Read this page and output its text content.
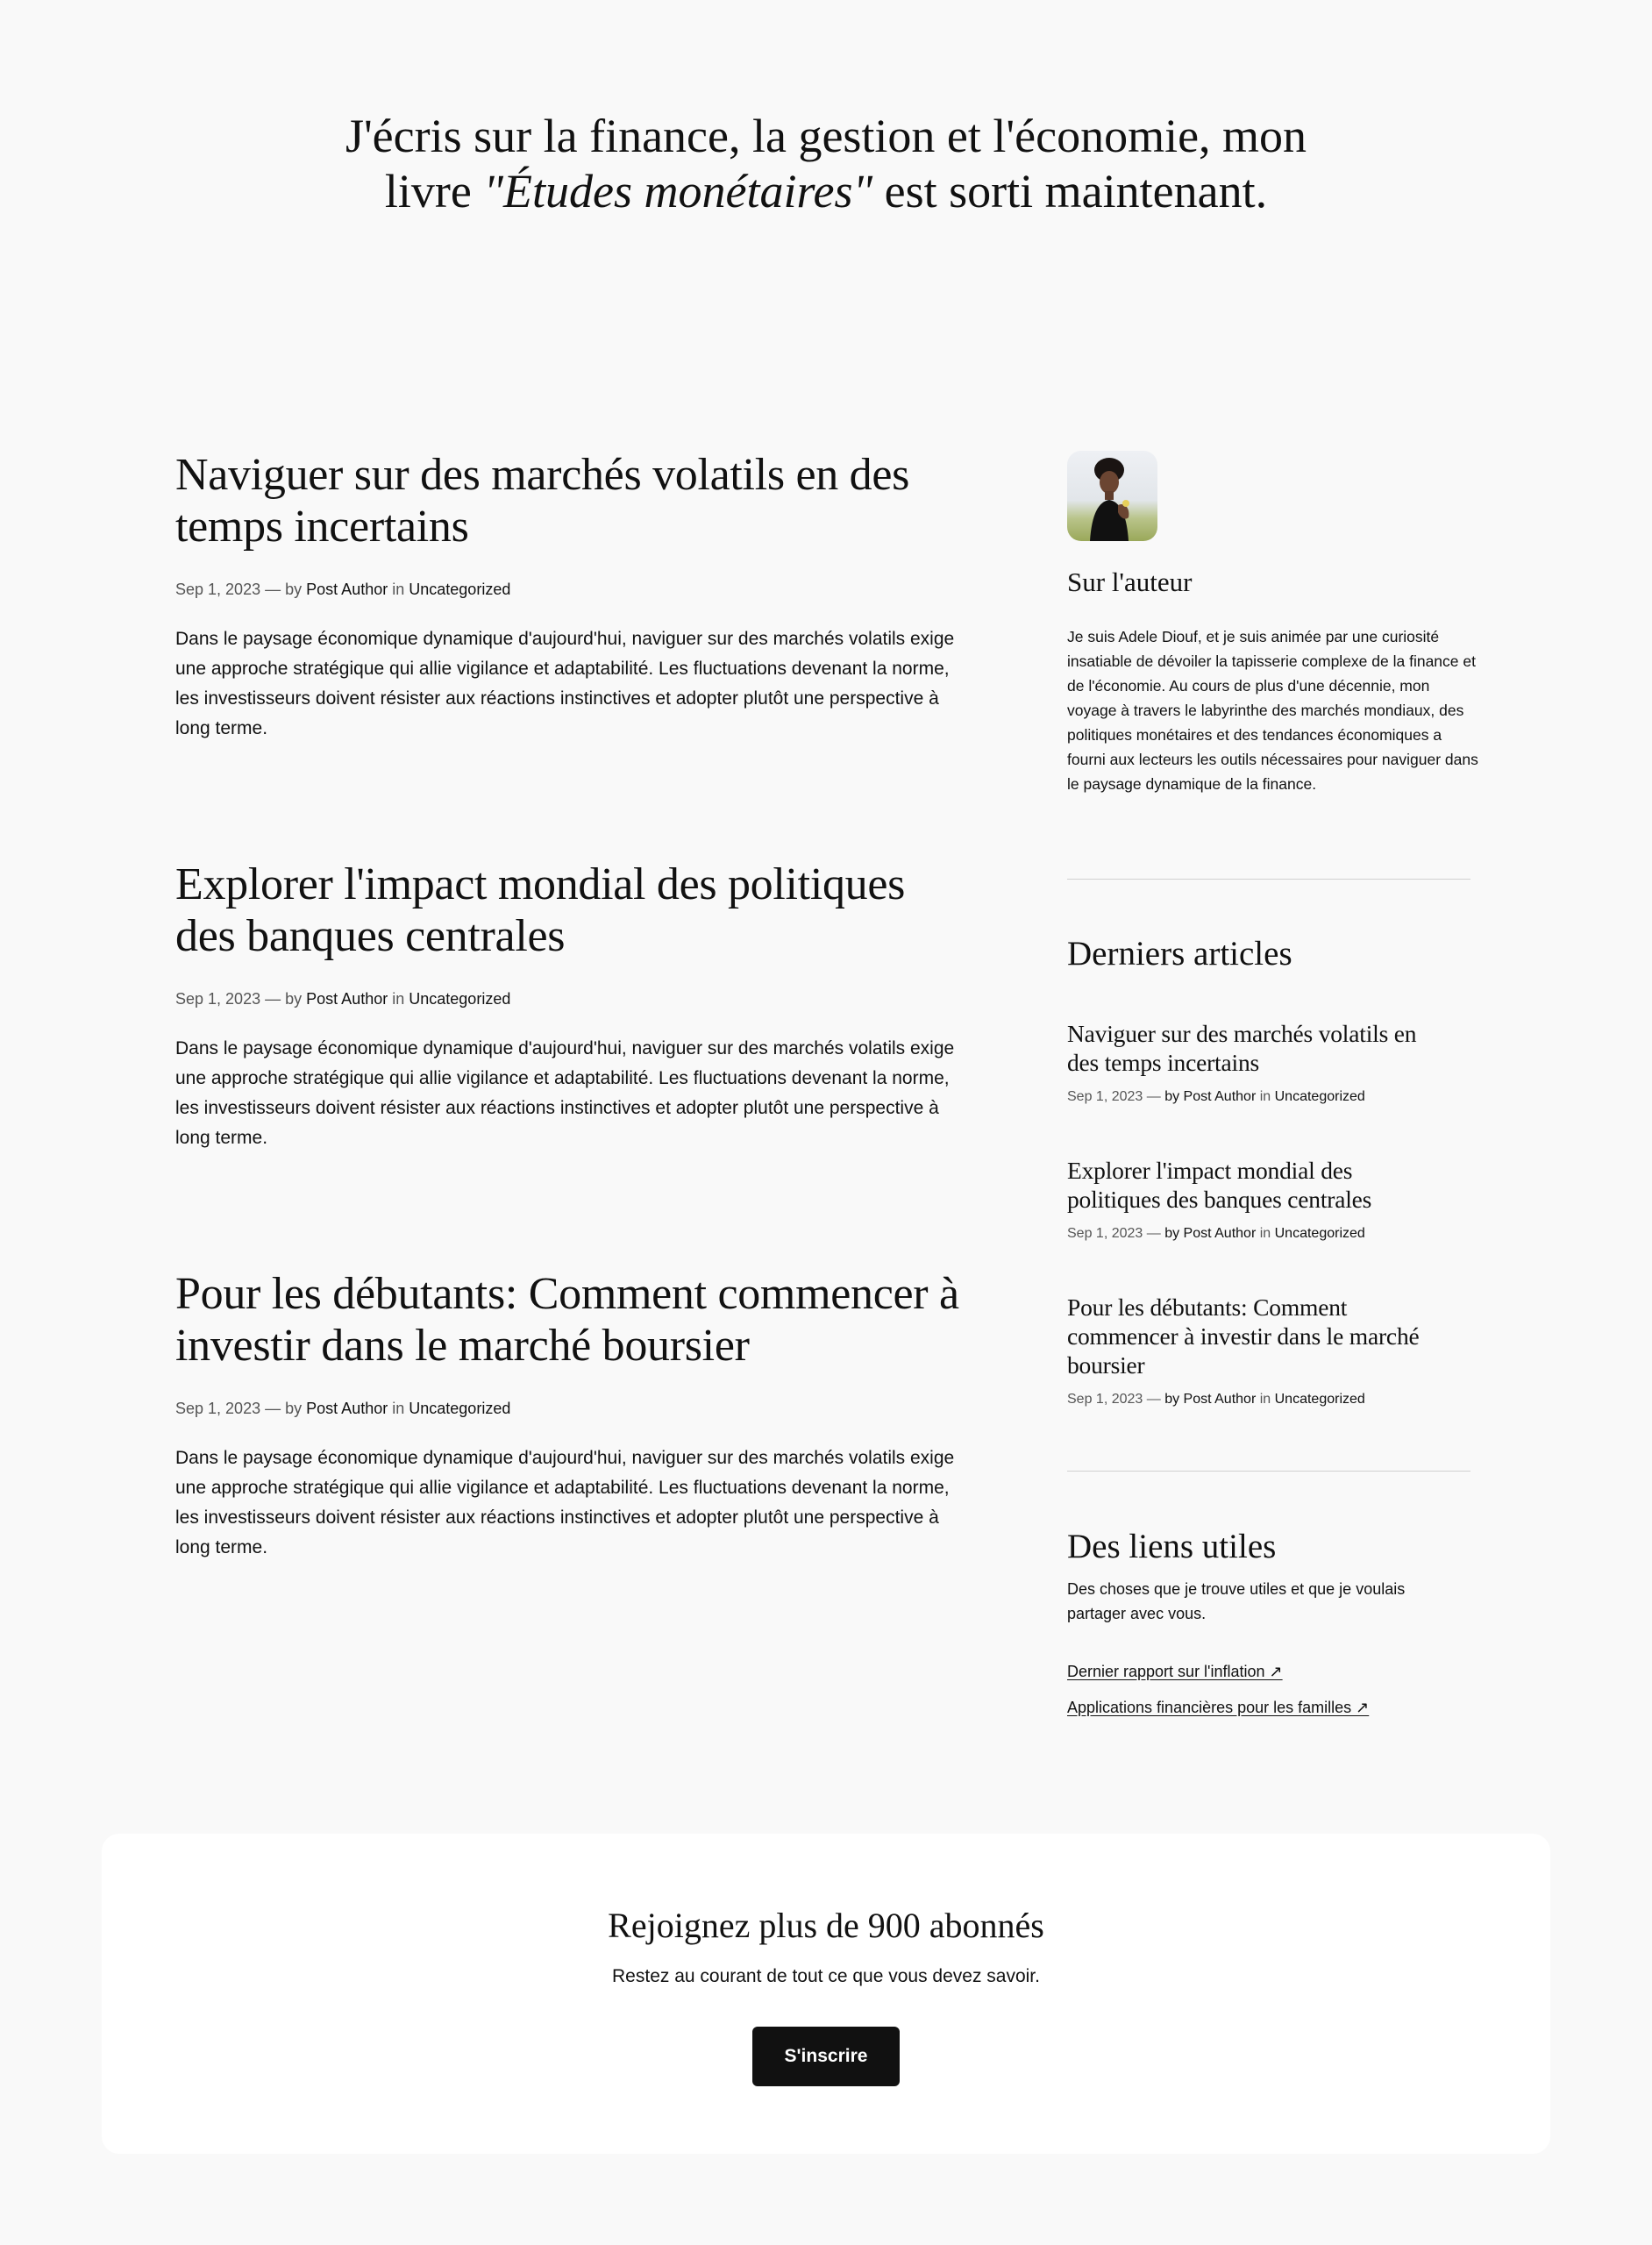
J'écris sur la finance, la gestion et l'économie, mon
livre "Études monétaires" est sorti maintenant.
Naviguer sur des marchés volatils en des temps incertains
Sep 1, 2023 — by Post Author in Uncategorized
Dans le paysage économique dynamique d'aujourd'hui, naviguer sur des marchés volatils exige une approche stratégique qui allie vigilance et adaptabilité. Les fluctuations devenant la norme, les investisseurs doivent résister aux réactions instinctives et adopter plutôt une perspective à long terme.
Explorer l'impact mondial des politiques des banques centrales
Sep 1, 2023 — by Post Author in Uncategorized
Dans le paysage économique dynamique d'aujourd'hui, naviguer sur des marchés volatils exige une approche stratégique qui allie vigilance et adaptabilité. Les fluctuations devenant la norme, les investisseurs doivent résister aux réactions instinctives et adopter plutôt une perspective à long terme.
Pour les débutants: Comment commencer à investir dans le marché boursier
Sep 1, 2023 — by Post Author in Uncategorized
Dans le paysage économique dynamique d'aujourd'hui, naviguer sur des marchés volatils exige une approche stratégique qui allie vigilance et adaptabilité. Les fluctuations devenant la norme, les investisseurs doivent résister aux réactions instinctives et adopter plutôt une perspective à long terme.
Sur l'auteur
Je suis Adele Diouf, et je suis animée par une curiosité insatiable de dévoiler la tapisserie complexe de la finance et de l'économie. Au cours de plus d'une décennie, mon voyage à travers le labyrinthe des marchés mondiaux, des politiques monétaires et des tendances économiques a fourni aux lecteurs les outils nécessaires pour naviguer dans le paysage dynamique de la finance.
Derniers articles
Naviguer sur des marchés volatils en des temps incertains
Sep 1, 2023 — by Post Author in Uncategorized
Explorer l'impact mondial des politiques des banques centrales
Sep 1, 2023 — by Post Author in Uncategorized
Pour les débutants: Comment commencer à investir dans le marché boursier
Sep 1, 2023 — by Post Author in Uncategorized
Des liens utiles
Des choses que je trouve utiles et que je voulais partager avec vous.
Dernier rapport sur l'inflation ↗
Applications financières pour les familles ↗
Rejoignez plus de 900 abonnés
Restez au courant de tout ce que vous devez savoir.
S'inscrire
